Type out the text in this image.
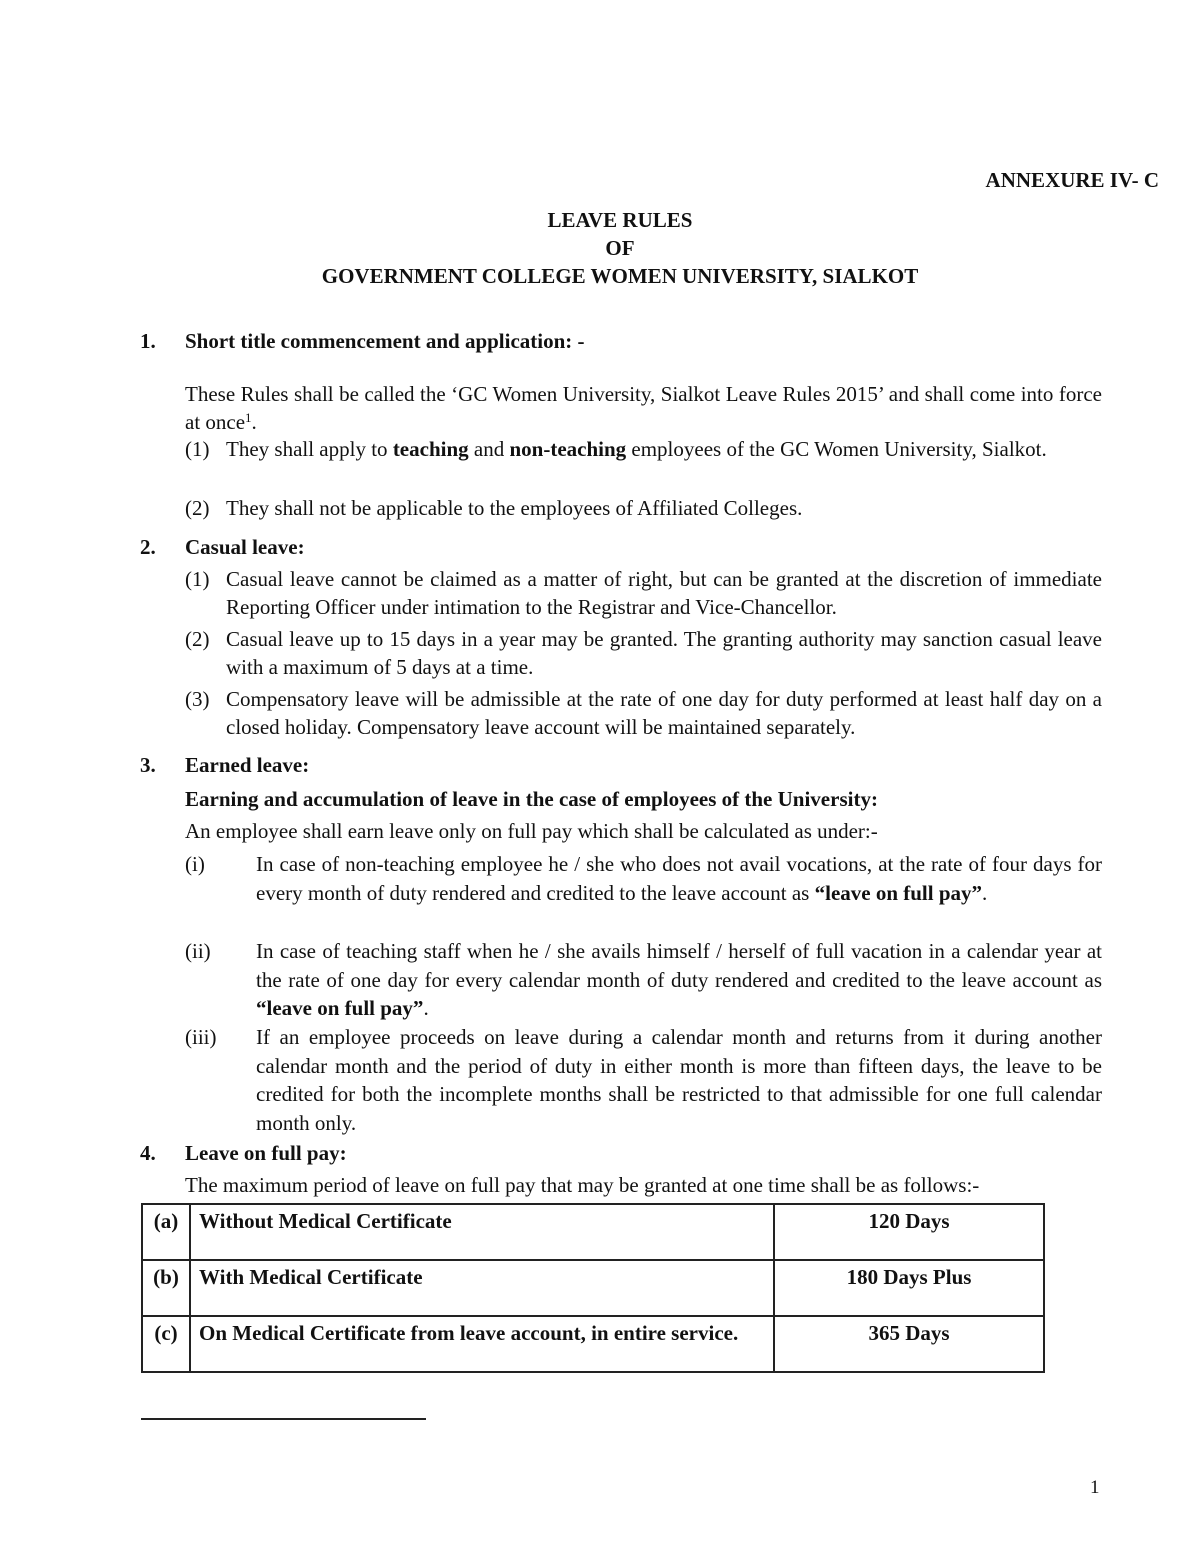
ANNEXURE IV- C
LEAVE RULES
OF
GOVERNMENT COLLEGE WOMEN UNIVERSITY, SIALKOT
1. Short title commencement and application: -
These Rules shall be called the ‘GC Women University, Sialkot Leave Rules 2015’ and shall come into force at once$^1$.
(1) They shall apply to teaching and non-teaching employees of the GC Women University, Sialkot.
(2) They shall not be applicable to the employees of Affiliated Colleges.
2. Casual leave:
(1) Casual leave cannot be claimed as a matter of right, but can be granted at the discretion of immediate Reporting Officer under intimation to the Registrar and Vice-Chancellor.
(2) Casual leave up to 15 days in a year may be granted. The granting authority may sanction casual leave with a maximum of 5 days at a time.
(3) Compensatory leave will be admissible at the rate of one day for duty performed at least half day on a closed holiday. Compensatory leave account will be maintained separately.
3. Earned leave:
Earning and accumulation of leave in the case of employees of the University:
An employee shall earn leave only on full pay which shall be calculated as under:-
(i) In case of non-teaching employee he / she who does not avail vocations, at the rate of four days for every month of duty rendered and credited to the leave account as “leave on full pay”.
(ii) In case of teaching staff when he / she avails himself / herself of full vacation in a calendar year at the rate of one day for every calendar month of duty rendered and credited to the leave account as “leave on full pay”.
(iii) If an employee proceeds on leave during a calendar month and returns from it during another calendar month and the period of duty in either month is more than fifteen days, the leave to be credited for both the incomplete months shall be restricted to that admissible for one full calendar month only.
4. Leave on full pay:
The maximum period of leave on full pay that may be granted at one time shall be as follows:-
(a)	Without Medical Certificate	120 Days
(b)	With Medical Certificate	180 Days Plus
(c)	On Medical Certificate from leave account, in entire service.	365 Days
1
